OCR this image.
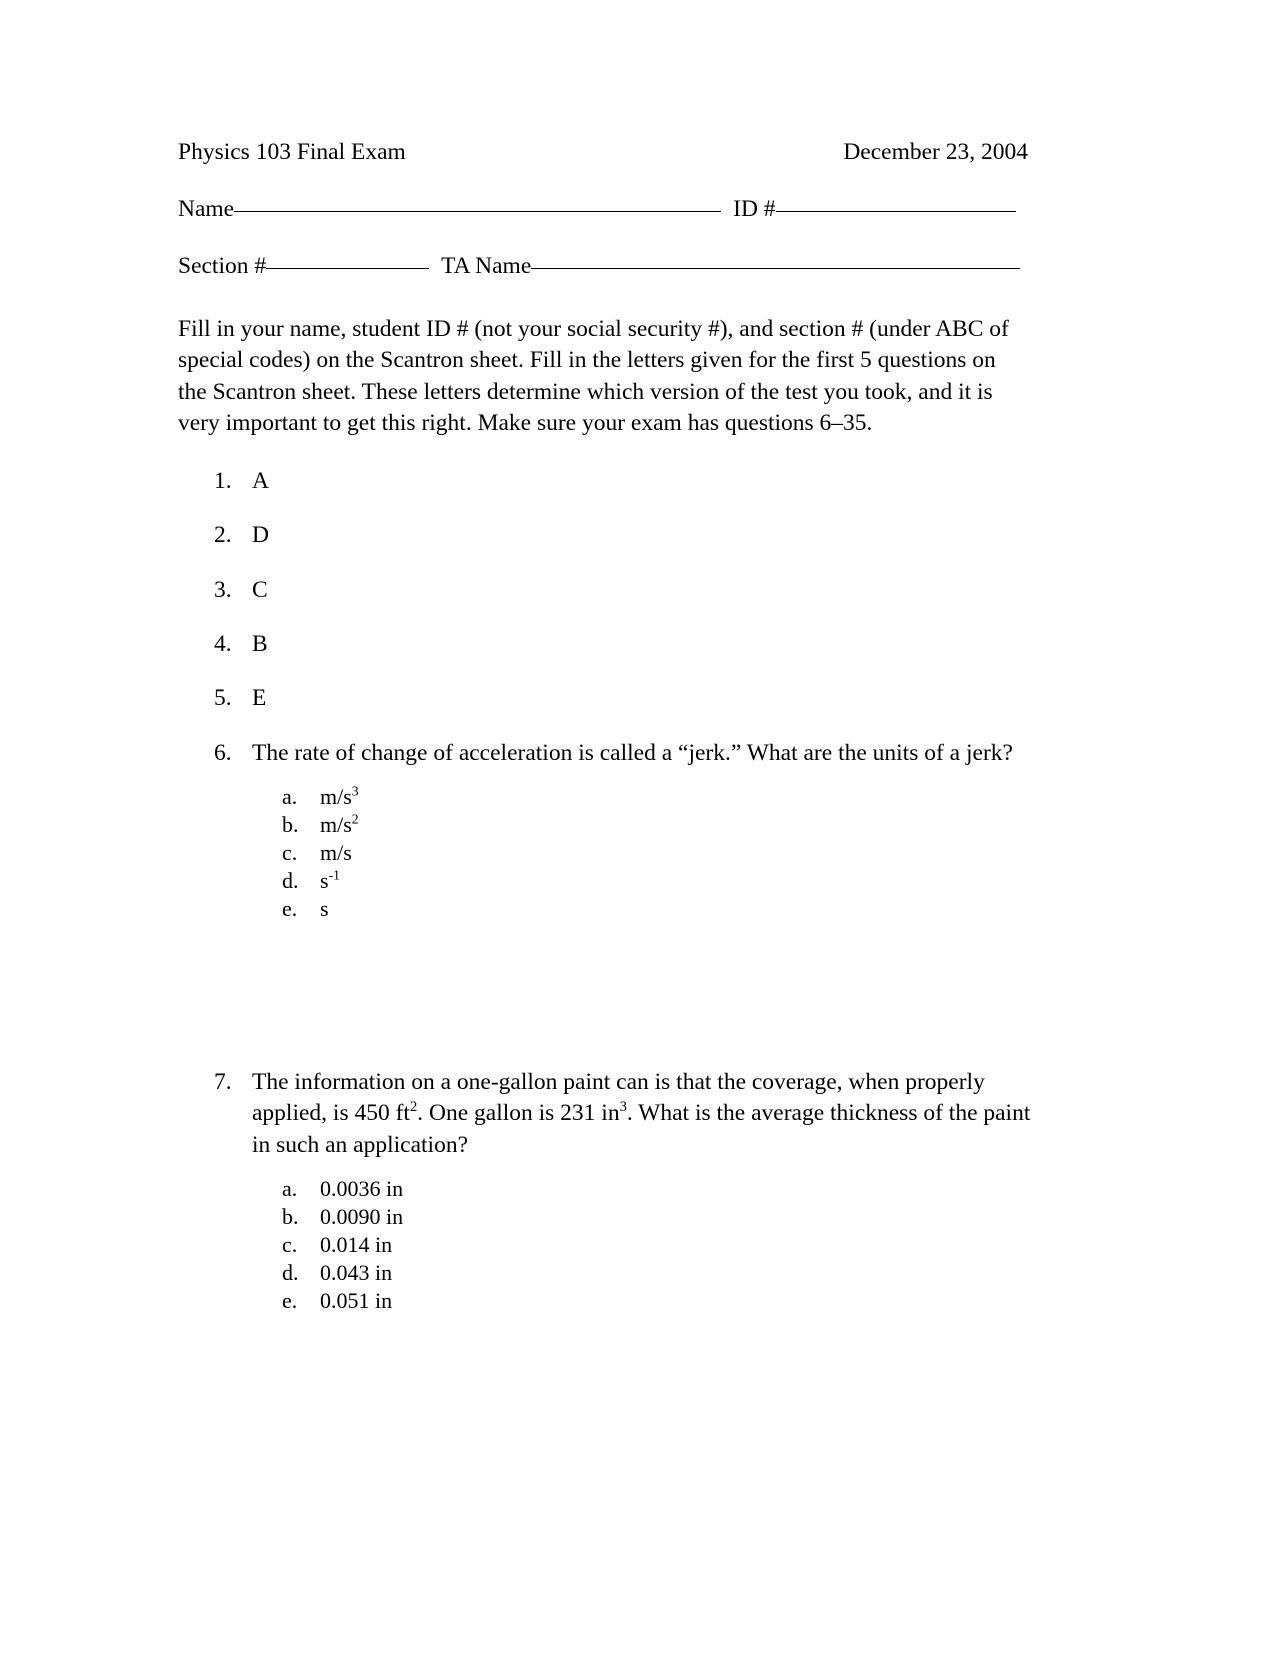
Physics 103 Final Exam	December 23, 2004
Name	ID #
Section #	TA Name
Fill in your name, student ID # (not your social security #), and section # (under ABC of special codes) on the Scantron sheet. Fill in the letters given for the first 5 questions on the Scantron sheet. These letters determine which version of the test you took, and it is very important to get this right. Make sure your exam has questions 6–35.
1. A
2. D
3. C
4. B
5. E
6. The rate of change of acceleration is called a “jerk.” What are the units of a jerk?
a.	$m/s^3$
b. $m/s^2$
c.	m/s
d. $s^{-1}$
e.	s
7. The information on a one-gallon paint can is that the coverage, when properly applied, is 450 $ft^2$. One gallon is 231 $in^3$. What is the average thickness of the paint in such an application?
a.	0.0036 in
b. 0.0090 in
c.	0.014 in
d. 0.043 in
e.	0.051 in
